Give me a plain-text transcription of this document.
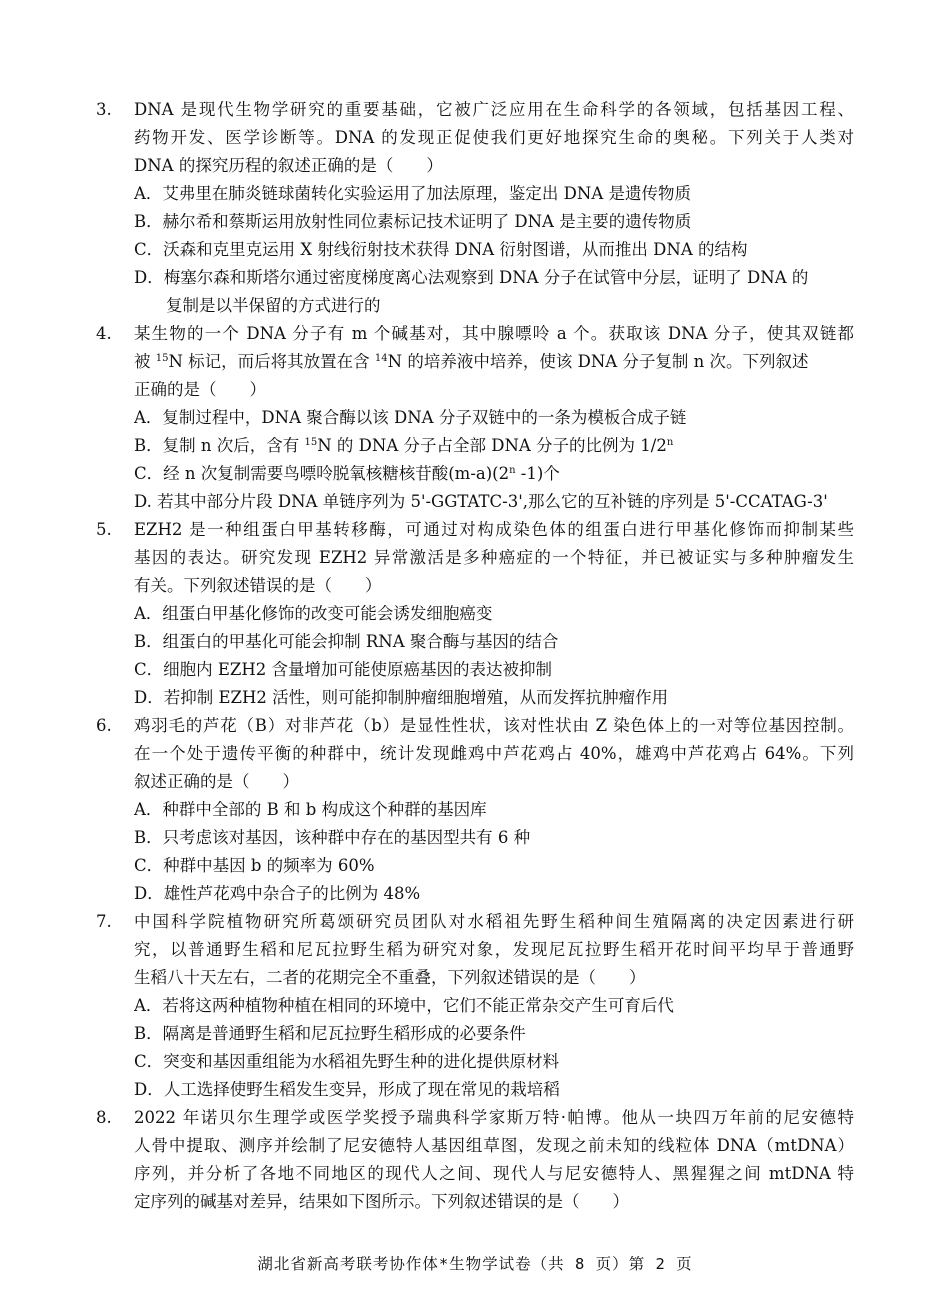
3. DNA 是现代生物学研究的重要基础，它被广泛应用在生命科学的各领域，包括基因工程、
药物开发、医学诊断等。DNA 的发现正促使我们更好地探究生命的奥秘。下列关于人类对
DNA 的探究历程的叙述正确的是（　　）
A．艾弗里在肺炎链球菌转化实验运用了加法原理，鉴定出 DNA 是遗传物质
B．赫尔希和蔡斯运用放射性同位素标记技术证明了 DNA 是主要的遗传物质
C．沃森和克里克运用 X 射线衍射技术获得 DNA 衍射图谱，从而推出 DNA 的结构
D．梅塞尔森和斯塔尔通过密度梯度离心法观察到 DNA 分子在试管中分层，证明了 DNA 的
复制是以半保留的方式进行的
4. 某生物的一个 DNA 分子有 m 个碱基对，其中腺嘌呤 a 个。获取该 DNA 分子，使其双链都
被 $^{15}$N 标记，而后将其放置在含 $^{14}$N 的培养液中培养，使该 DNA 分子复制 n 次。下列叙述
正确的是（　　）
A．复制过程中，DNA 聚合酶以该 DNA 分子双链中的一条为模板合成子链
B．复制 n 次后，含有 $^{15}$N 的 DNA 分子占全部 DNA 分子的比例为 1/2$^n$
C．经 n 次复制需要鸟嘌呤脱氧核糖核苷酸(m-a)(2$^n$ -1)个
D. 若其中部分片段 DNA 单链序列为 5'-GGTATC-3',那么它的互补链的序列是 5'-CCATAG-3'
5. EZH2 是一种组蛋白甲基转移酶，可通过对构成染色体的组蛋白进行甲基化修饰而抑制某些
基因的表达。研究发现 EZH2 异常激活是多种癌症的一个特征，并已被证实与多种肿瘤发生
有关。下列叙述错误的是（　　）
A．组蛋白甲基化修饰的改变可能会诱发细胞癌变
B．组蛋白的甲基化可能会抑制 RNA 聚合酶与基因的结合
C．细胞内 EZH2 含量增加可能使原癌基因的表达被抑制
D．若抑制 EZH2 活性，则可能抑制肿瘤细胞增殖，从而发挥抗肿瘤作用
6. 鸡羽毛的芦花（B）对非芦花（b）是显性性状，该对性状由 Z 染色体上的一对等位基因控制。
在一个处于遗传平衡的种群中，统计发现雌鸡中芦花鸡占 40%，雄鸡中芦花鸡占 64%。下列
叙述正确的是（　　）
A．种群中全部的 B 和 b 构成这个种群的基因库
B．只考虑该对基因，该种群中存在的基因型共有 6 种
C．种群中基因 b 的频率为 60%
D．雄性芦花鸡中杂合子的比例为 48%
7. 中国科学院植物研究所葛颂研究员团队对水稻祖先野生稻种间生殖隔离的决定因素进行研
究，以普通野生稻和尼瓦拉野生稻为研究对象，发现尼瓦拉野生稻开花时间平均早于普通野
生稻八十天左右，二者的花期完全不重叠，下列叙述错误的是（　　）
A．若将这两种植物种植在相同的环境中，它们不能正常杂交产生可育后代
B．隔离是普通野生稻和尼瓦拉野生稻形成的必要条件
C．突变和基因重组能为水稻祖先野生种的进化提供原材料
D．人工选择使野生稻发生变异，形成了现在常见的栽培稻
8. 2022 年诺贝尔生理学或医学奖授予瑞典科学家斯万特·帕博。他从一块四万年前的尼安德特
人骨中提取、测序并绘制了尼安德特人基因组草图，发现之前未知的线粒体 DNA（mtDNA）
序列，并分析了各地不同地区的现代人之间、现代人与尼安德特人、黑猩猩之间 mtDNA 特
定序列的碱基对差异，结果如下图所示。下列叙述错误的是（　　）
湖北省新高考联考协作体*生物学试卷（共 8 页）第 2 页
